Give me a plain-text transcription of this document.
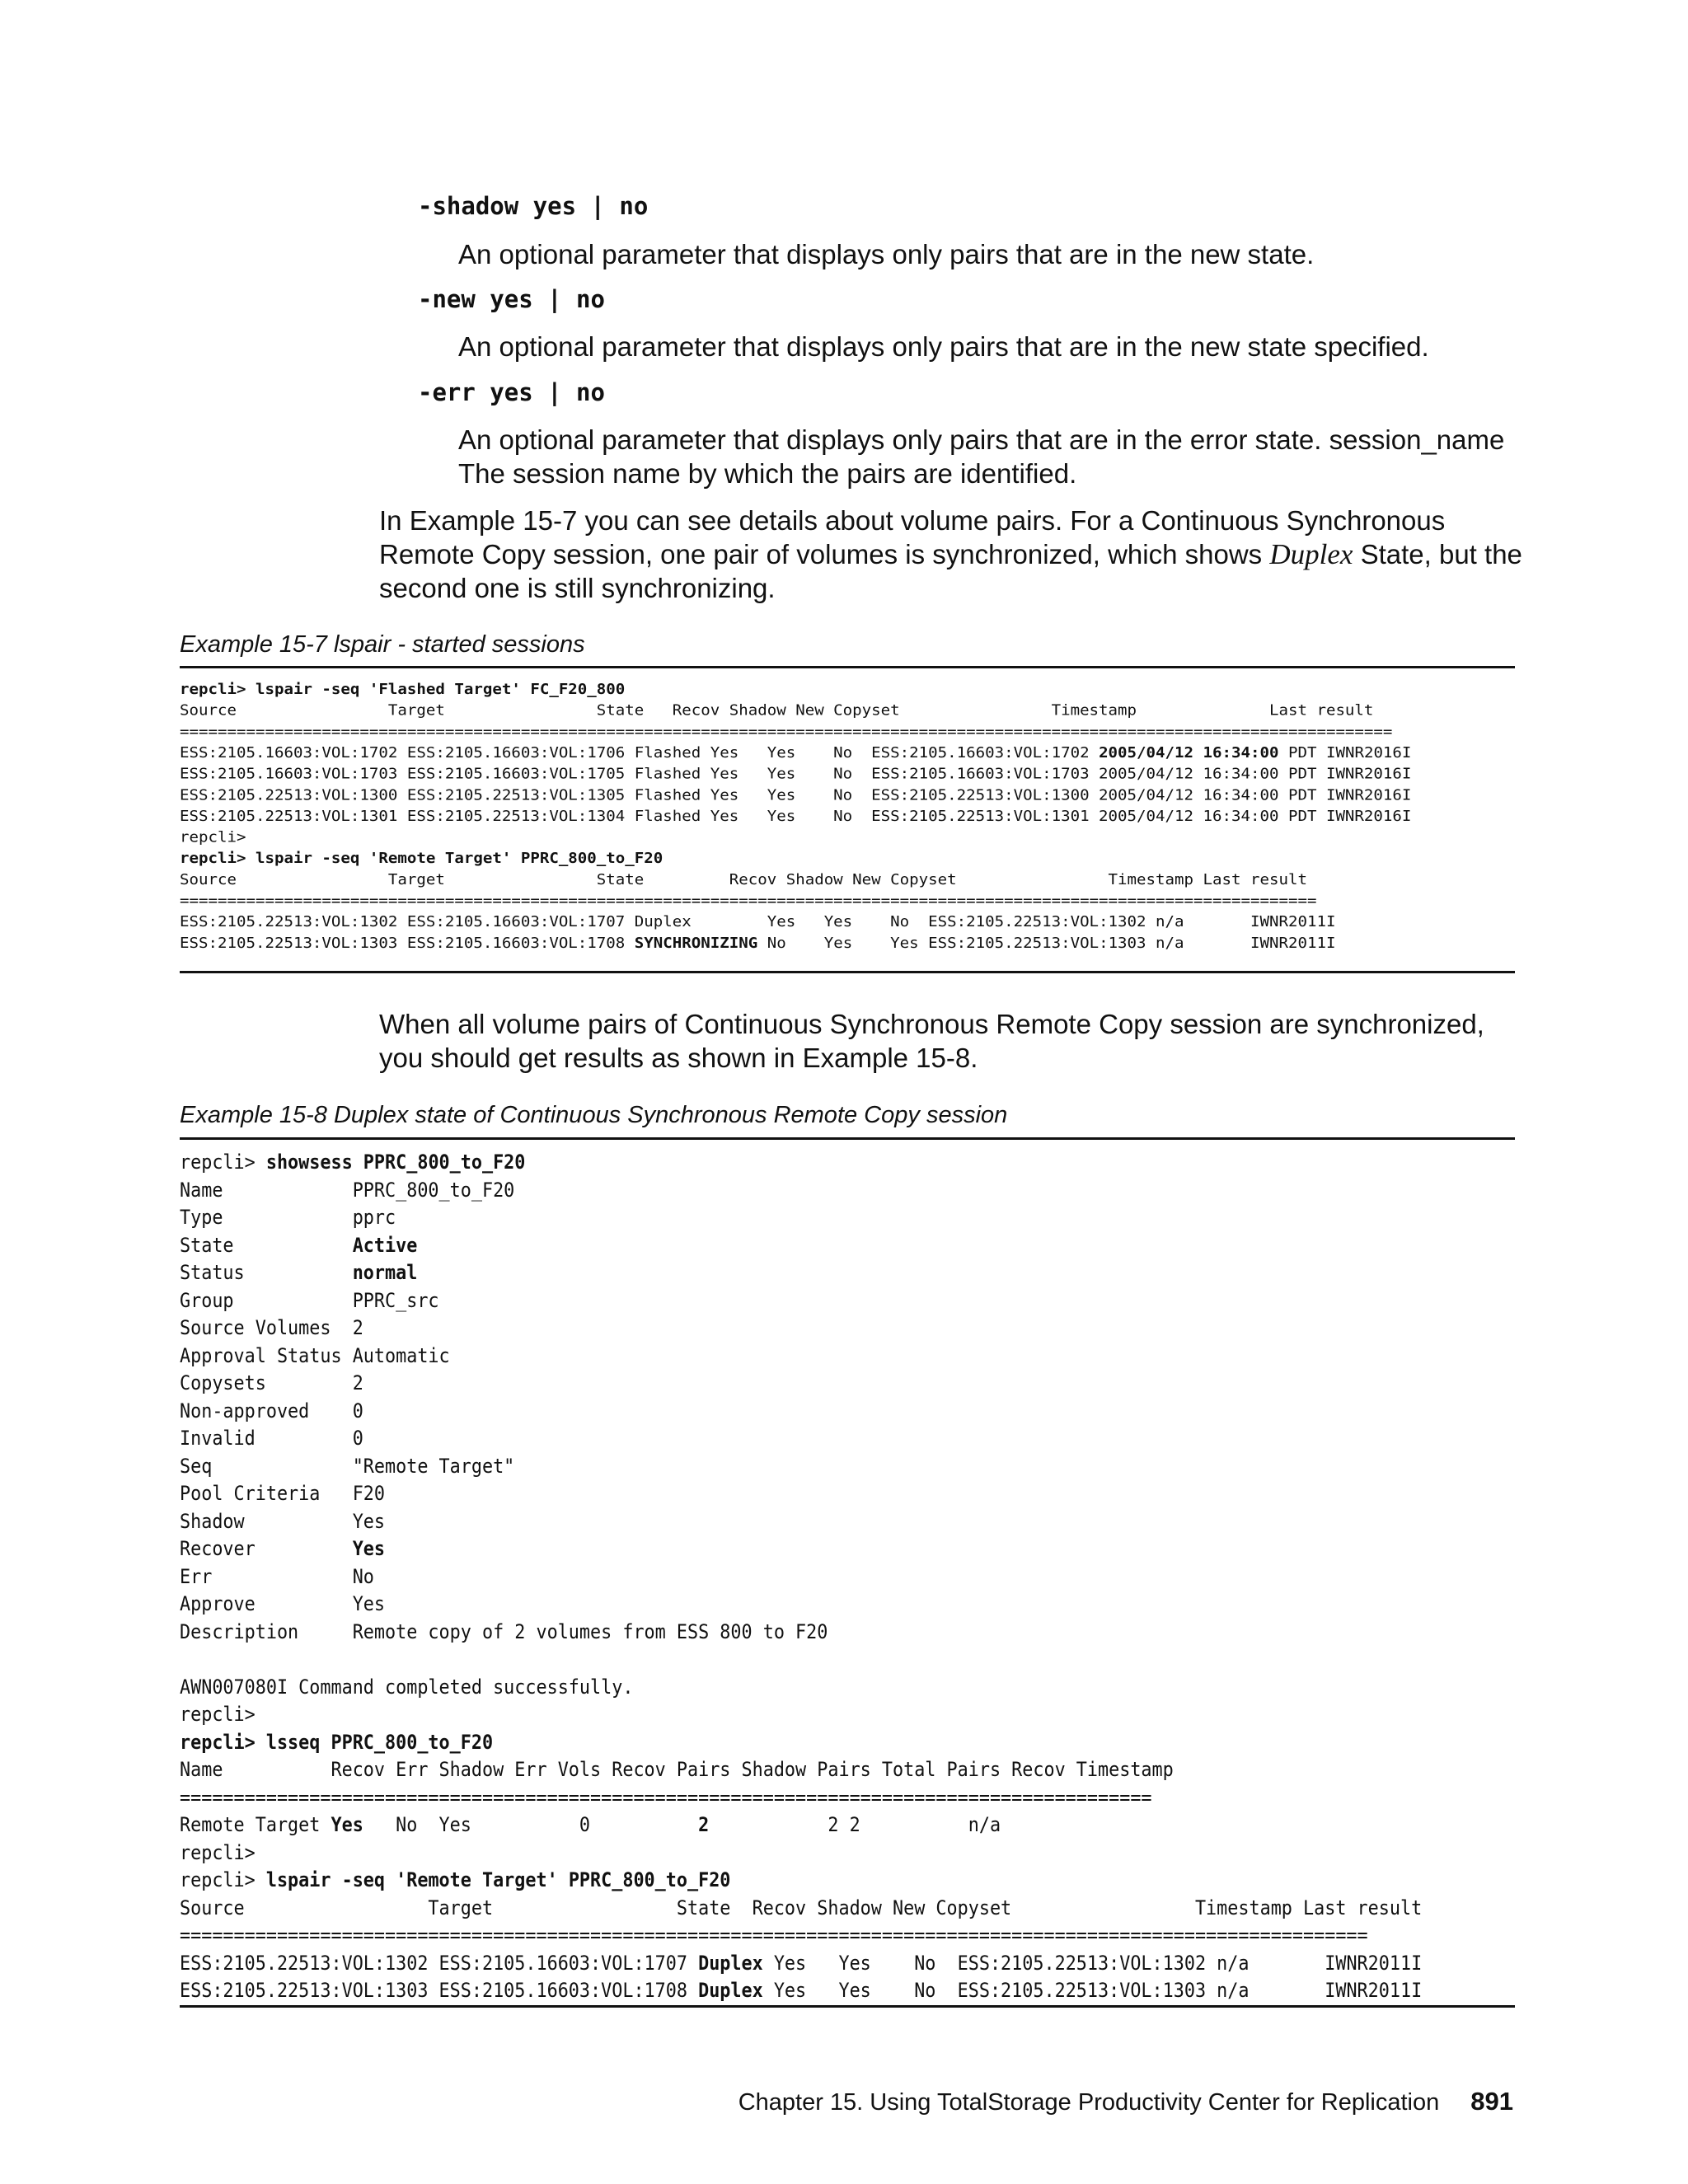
-shadow yes | no
An optional parameter that displays only pairs that are in the new state.
-new yes | no
An optional parameter that displays only pairs that are in the new state specified.
-err yes | no
An optional parameter that displays only pairs that are in the error state. session_name The session name by which the pairs are identified.
In Example 15-7 you can see details about volume pairs. For a Continuous Synchronous Remote Copy session, one pair of volumes is synchronized, which shows Duplex State, but the second one is still synchronizing.
Example 15-7 lspair - started sessions
repcli> lspair -seq 'Flashed Target' FC_F20_800
Source                Target                State   Recov Shadow New Copyset                Timestamp              Last result
================================================================================================================================
ESS:2105.16603:VOL:1702 ESS:2105.16603:VOL:1706 Flashed Yes   Yes    No  ESS:2105.16603:VOL:1702 2005/04/12 16:34:00 PDT IWNR2016I
ESS:2105.16603:VOL:1703 ESS:2105.16603:VOL:1705 Flashed Yes   Yes    No  ESS:2105.16603:VOL:1703 2005/04/12 16:34:00 PDT IWNR2016I
ESS:2105.22513:VOL:1300 ESS:2105.22513:VOL:1305 Flashed Yes   Yes    No  ESS:2105.22513:VOL:1300 2005/04/12 16:34:00 PDT IWNR2016I
ESS:2105.22513:VOL:1301 ESS:2105.22513:VOL:1304 Flashed Yes   Yes    No  ESS:2105.22513:VOL:1301 2005/04/12 16:34:00 PDT IWNR2016I
repcli>
repcli> lspair -seq 'Remote Target' PPRC_800_to_F20
Source                Target                State         Recov Shadow New Copyset                Timestamp Last result
========================================================================================================================
ESS:2105.22513:VOL:1302 ESS:2105.16603:VOL:1707 Duplex        Yes   Yes    No  ESS:2105.22513:VOL:1302 n/a       IWNR2011I
ESS:2105.22513:VOL:1303 ESS:2105.16603:VOL:1708 SYNCHRONIZING No    Yes    Yes ESS:2105.22513:VOL:1303 n/a       IWNR2011I
When all volume pairs of Continuous Synchronous Remote Copy session are synchronized, you should get results as shown in Example 15-8.
Example 15-8 Duplex state of Continuous Synchronous Remote Copy session
repcli> showsess PPRC_800_to_F20
Name            PPRC_800_to_F20
Type            pprc
State           Active
Status          normal
Group           PPRC_src
Source Volumes  2
Approval Status Automatic
Copysets        2
Non-approved    0
Invalid         0
Seq             "Remote Target"
Pool Criteria   F20
Shadow          Yes
Recover         Yes
Err             No
Approve         Yes
Description     Remote copy of 2 volumes from ESS 800 to F20
AWN007080I Command completed successfully.
repcli>
repcli> lsseq PPRC_800_to_F20
Name          Recov Err Shadow Err Vols Recov Pairs Shadow Pairs Total Pairs Recov Timestamp
==========================================================================================
Remote Target Yes   No  Yes          0          2           2 2          n/a
repcli>
repcli> lspair -seq 'Remote Target' PPRC_800_to_F20
Source                 Target                 State  Recov Shadow New Copyset                 Timestamp Last result
==============================================================================================================
ESS:2105.22513:VOL:1302 ESS:2105.16603:VOL:1707 Duplex Yes   Yes    No  ESS:2105.22513:VOL:1302 n/a       IWNR2011I
ESS:2105.22513:VOL:1303 ESS:2105.16603:VOL:1708 Duplex Yes   Yes    No  ESS:2105.22513:VOL:1303 n/a       IWNR2011I
Chapter 15. Using TotalStorage Productivity Center for Replication 891
